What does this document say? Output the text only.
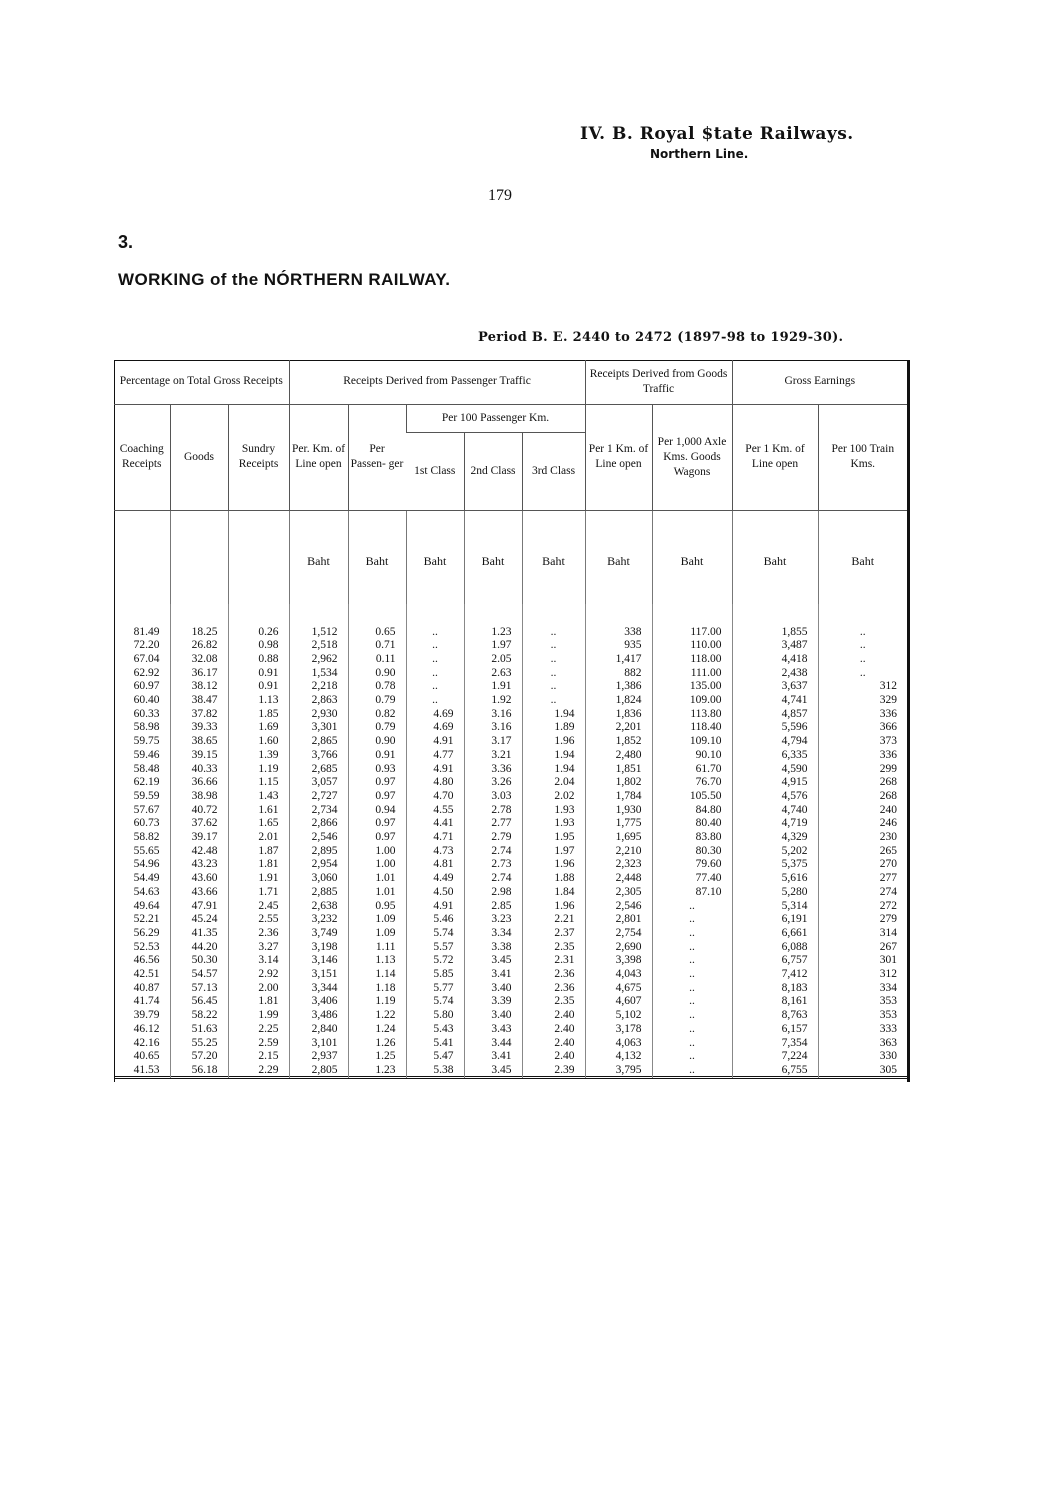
IV. B. Royal $tate Railways.
Northern Line.
179
3.
WORKING of the NÓRTHERN RAILWAY.
Period B. E. 2440 to 2472 (1897-98 to 1929-30).
Percentage on Total Gross Receipts			Receipts Derived from Passenger Traffic					Receipts Derived from Goods Traffic		Gross Earnings	
Coaching Receipts	Goods	Sundry Receipts	Per. Km. of Line open	Per Passen- ger	Per 100 Passenger Km.			Per 1 Km. of Line open	Per 1,000 Axle Kms. Goods Wagons	Per 1 Km. of Line open	Per 100 Train Kms.
					1st Class	2nd Class	3rd Class				
			Baht	Baht	Baht	Baht	Baht	Baht	Baht	Baht	Baht
81.49	18.25	0.26	1,512	0.65	..	1.23	..	338	117.00	1,855	..
72.20	26.82	0.98	2,518	0.71	..	1.97	..	935	110.00	3,487	..
67.04	32.08	0.88	2,962	0.11	..	2.05	..	1,417	118.00	4,418	..
62.92	36.17	0.91	1,534	0.90	..	2.63	..	882	111.00	2,438	..
60.97	38.12	0.91	2,218	0.78	..	1.91	..	1,386	135.00	3,637	312
60.40	38.47	1.13	2,863	0.79	..	1.92	..	1,824	109.00	4,741	329
60.33	37.82	1.85	2,930	0.82	4.69	3.16	1.94	1,836	113.80	4,857	336
58.98	39.33	1.69	3,301	0.79	4.69	3.16	1.89	2,201	118.40	5,596	366
59.75	38.65	1.60	2,865	0.90	4.91	3.17	1.96	1,852	109.10	4,794	373
59.46	39.15	1.39	3,766	0.91	4.77	3.21	1.94	2,480	90.10	6,335	336
58.48	40.33	1.19	2,685	0.93	4.91	3.36	1.94	1,851	61.70	4,590	299
62.19	36.66	1.15	3,057	0.97	4.80	3.26	2.04	1,802	76.70	4,915	268
59.59	38.98	1.43	2,727	0.97	4.70	3.03	2.02	1,784	105.50	4,576	268
57.67	40.72	1.61	2,734	0.94	4.55	2.78	1.93	1,930	84.80	4,740	240
60.73	37.62	1.65	2,866	0.97	4.41	2.77	1.93	1,775	80.40	4,719	246
58.82	39.17	2.01	2,546	0.97	4.71	2.79	1.95	1,695	83.80	4,329	230
55.65	42.48	1.87	2,895	1.00	4.73	2.74	1.97	2,210	80.30	5,202	265
54.96	43.23	1.81	2,954	1.00	4.81	2.73	1.96	2,323	79.60	5,375	270
54.49	43.60	1.91	3,060	1.01	4.49	2.74	1.88	2,448	77.40	5,616	277
54.63	43.66	1.71	2,885	1.01	4.50	2.98	1.84	2,305	87.10	5,280	274
49.64	47.91	2.45	2,638	0.95	4.91	2.85	1.96	2,546	..	5,314	272
52.21	45.24	2.55	3,232	1.09	5.46	3.23	2.21	2,801	..	6,191	279
56.29	41.35	2.36	3,749	1.09	5.74	3.34	2.37	2,754	..	6,661	314
52.53	44.20	3.27	3,198	1.11	5.57	3.38	2.35	2,690	..	6,088	267
46.56	50.30	3.14	3,146	1.13	5.72	3.45	2.31	3,398	..	6,757	301
42.51	54.57	2.92	3,151	1.14	5.85	3.41	2.36	4,043	..	7,412	312
40.87	57.13	2.00	3,344	1.18	5.77	3.40	2.36	4,675	..	8,183	334
41.74	56.45	1.81	3,406	1.19	5.74	3.39	2.35	4,607	..	8,161	353
39.79	58.22	1.99	3,486	1.22	5.80	3.40	2.40	5,102	..	8,763	353
46.12	51.63	2.25	2,840	1.24	5.43	3.43	2.40	3,178	..	6,157	333
42.16	55.25	2.59	3,101	1.26	5.41	3.44	2.40	4,063	..	7,354	363
40.65	57.20	2.15	2,937	1.25	5.47	3.41	2.40	4,132	..	7,224	330
41.53	56.18	2.29	2,805	1.23	5.38	3.45	2.39	3,795	..	6,755	305
